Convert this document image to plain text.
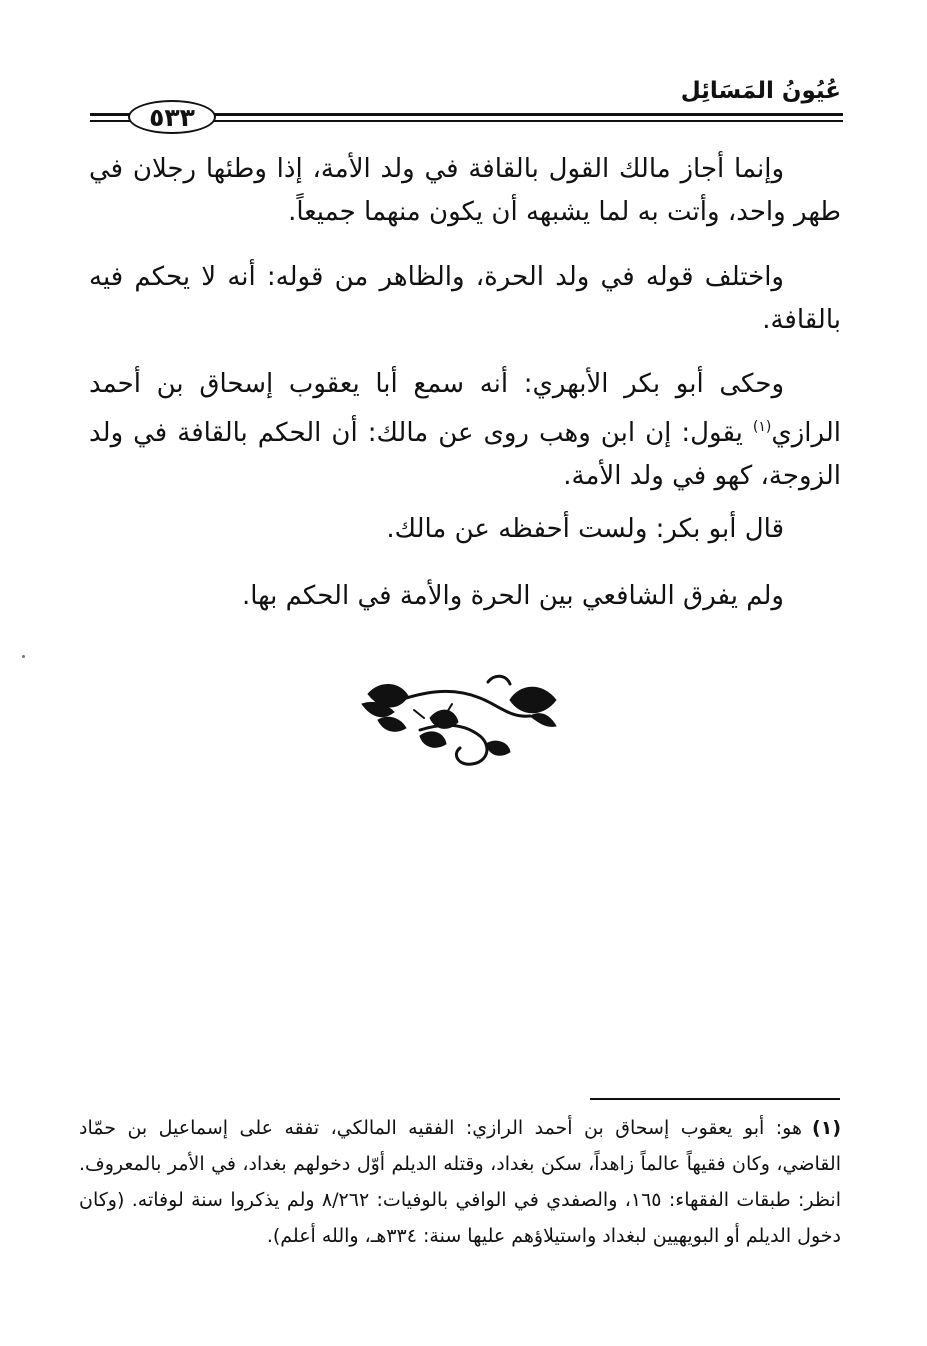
عُيُونُ المَسَائِل
٥٣٣
وإنما أجاز مالك القول بالقافة في ولد الأمة، إذا وطئها رجلان في طهر واحد، وأتت به لما يشبهه أن يكون منهما جميعاً.
واختلف قوله في ولد الحرة، والظاهر من قوله: أنه لا يحكم فيه بالقافة.
وحكى أبو بكر الأبهري: أنه سمع أبا يعقوب إسحاق بن أحمد الرازي$^{(١)}$ يقول: إن ابن وهب روى عن مالك: أن الحكم بالقافة في ولد الزوجة، كهو في ولد الأمة.
قال أبو بكر: ولست أحفظه عن مالك.
ولم يفرق الشافعي بين الحرة والأمة في الحكم بها.
(١)هو: أبو يعقوب إسحاق بن أحمد الرازي: الفقيه المالكي، تفقه على إسماعيل بن حمّاد القاضي، وكان فقيهاً عالماً زاهداً، سكن بغداد، وقتله الديلم أوّل دخولهم بغداد، في الأمر بالمعروف. انظر: طبقات الفقهاء: ١٦٥، والصفدي في الوافي بالوفيات: ٨/٢٦٢ ولم يذكروا سنة لوفاته. (وكان دخول الديلم أو البويهيين لبغداد واستيلاؤهم عليها سنة: ٣٣٤هـ، والله أعلم).
